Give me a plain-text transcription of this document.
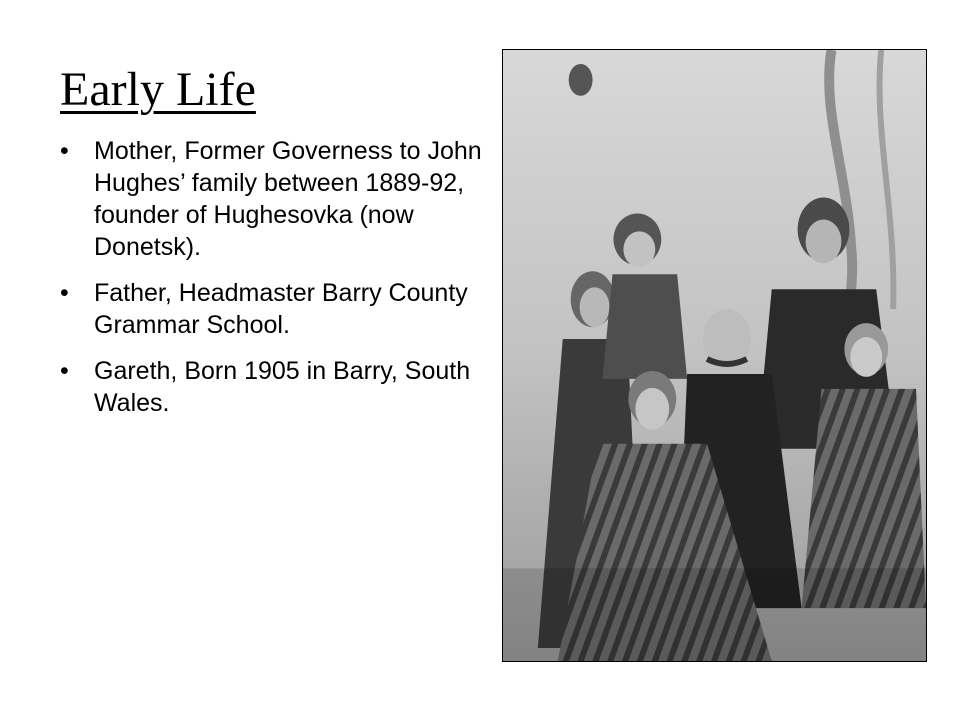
Early Life
• Mother, Former Governess to John Hughes’ family between 1889-92, founder of Hughesovka (now Donetsk).
• Father, Headmaster Barry County Grammar School.
• Gareth, Born 1905 in Barry, South Wales.
